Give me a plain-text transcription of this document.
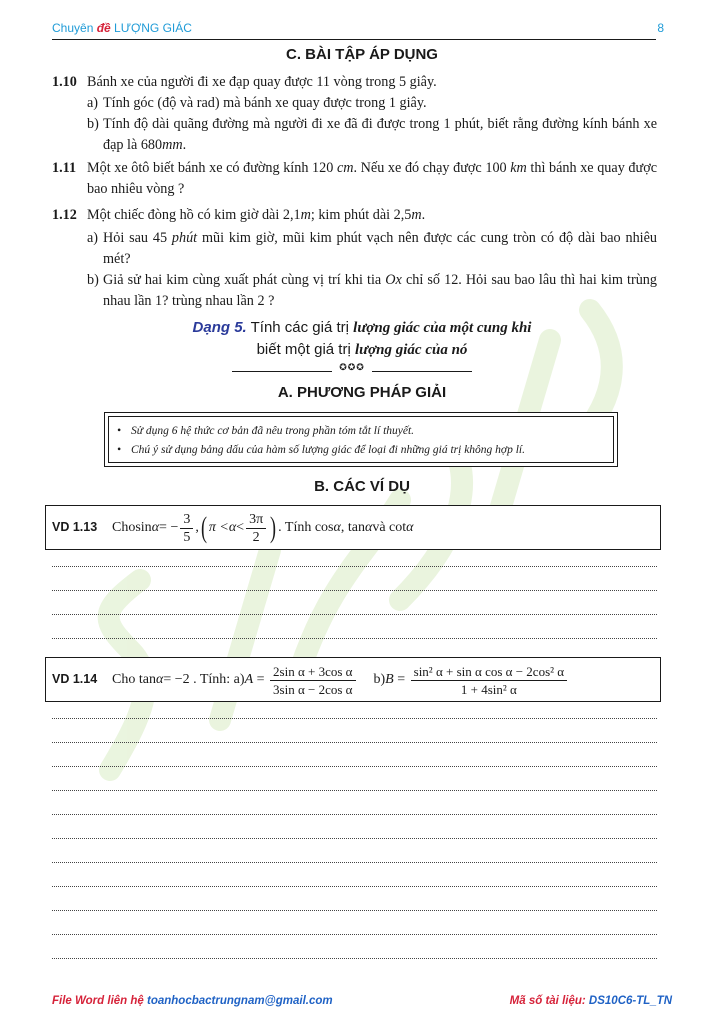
Chuyên đề LƯỢNG GIÁC	8
C. BÀI TẬP ÁP DỤNG
1.10 Bánh xe của người đi xe đạp quay được 11 vòng trong 5 giây.
a) Tính góc (độ và rad) mà bánh xe quay được trong 1 giây.
b) Tính độ dài quãng đường mà người đi xe đã đi được trong 1 phút, biết rằng đường kính bánh xe đạp là 680mm.
1.11 Một xe ôtô biết bánh xe có đường kính 120 cm. Nếu xe đó chạy được 100 km thì bánh xe quay được bao nhiêu vòng ?
1.12 Một chiếc đòng hồ có kim giờ dài 2,1m; kim phút dài 2,5m.
a) Hỏi sau 45 phút mũi kim giờ, mũi kim phút vạch nên được các cung tròn có độ dài bao nhiêu mét?
b) Giả sử hai kim cùng xuất phát cùng vị trí khi tia Ox chỉ số 12. Hỏi sau bao lâu thì hai kim trùng nhau lần 1? trùng nhau lần 2 ?
Dạng 5. Tính các giá trị lượng giác của một cung khi
biết một giá trị lượng giác của nó
✪✪✪
A. PHƯƠNG PHÁP GIẢI
• Sử dụng 6 hệ thức cơ bản đã nêu trong phần tóm tắt lí thuyết.
• Chú ý sử dụng bảng dấu của hàm số lượng giác để loại đi những giá trị không hợp lí.
B. CÁC VÍ DỤ
VD 1.13 Cho sin α = − $\frac{3}{5}$ , ( $\pi < \alpha < \frac{3\pi}{2}$ ) . Tính cos α , tan α và cot α
VD 1.14 Cho tan α = −2 . Tính: a) $A = \frac{\text{2sin α + 3cos α}}{\text{3sin α − 2cos α}} b$) $B = \frac{\text{sin² α + sin α cos α − 2cos² α}}{\text{1 + 4sin² α}}$
File Word liên hệ toanhocbactrungnam@gmail.com	Mã số tài liệu: DS10C6-TL_TN
